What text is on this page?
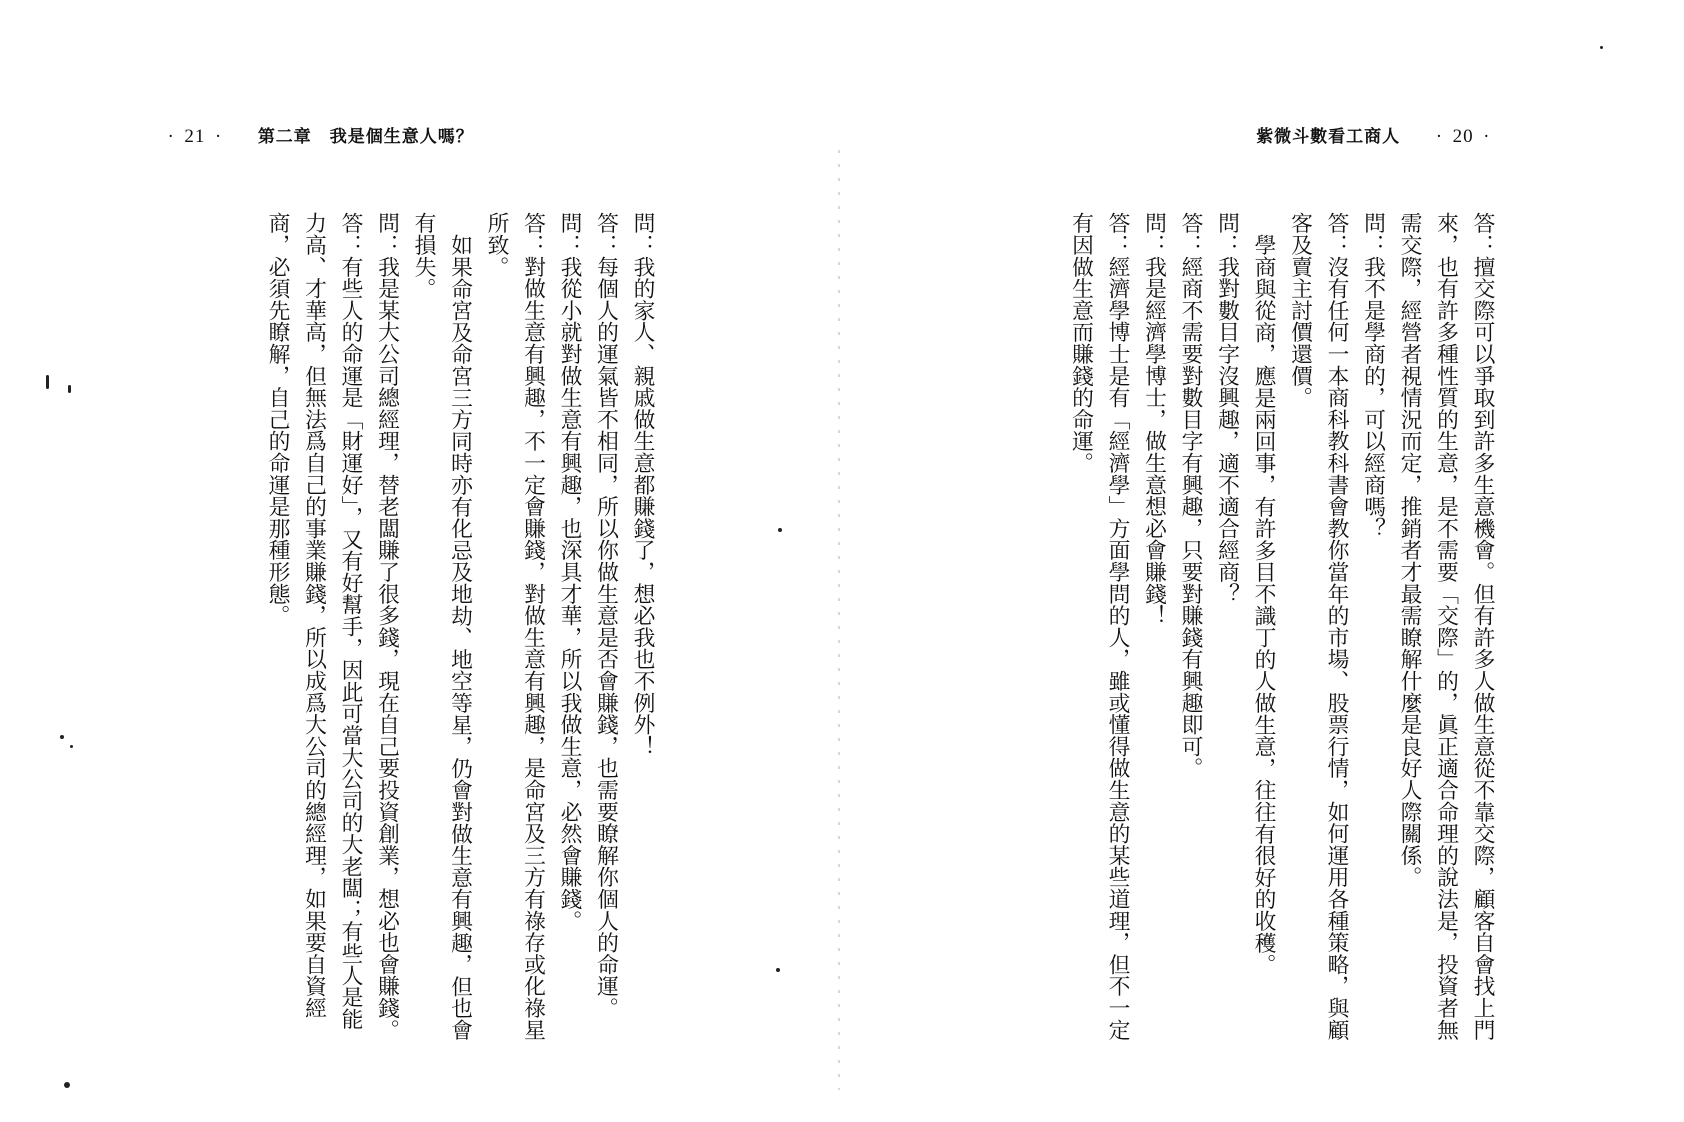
· 21 · 第二章　我是個生意人嗎？

問：我的家人、親戚做生意都賺錢了，想必我也不例外！

答：每個人的運氣皆不相同，所以你做生意是否會賺錢，也需要瞭解你個人的命運。

問：我從小就對做生意有興趣，也深具才華，所以我做生意，必然會賺錢。

答：對做生意有興趣，不一定會賺錢，對做生意有興趣，是命宮及三方有祿存或化祿星所致。

如果命宮及命宮三方同時亦有化忌及地劫、地空等星，仍會對做生意有興趣，但也會有損失。

問：我是某大公司總經理，替老闆賺了很多錢，現在自己要投資創業，想必也會賺錢。

答：有些人的命運是「財運好」，又有好幫手，因此可當大公司的大老闆；有些人是能力高、才華高，但無法爲自己的事業賺錢，所以成爲大公司的總經理，如果要自資經商，必須先瞭解，自己的命運是那種形態。

紫微斗數看工商人 · 20 ·

答：擅交際可以爭取到許多生意機會。但有許多人做生意從不靠交際，顧客自會找上門來，也有許多種性質的生意，是不需要「交際」的，眞正適合命理的說法是，投資者無需交際，經營者視情況而定，推銷者才最需瞭解什麼是良好人際關係。

問：我不是學商的，可以經商嗎？

答：沒有任何一本商科教科書會教你當年的市場、股票行情，如何運用各種策略，與顧客及賣主討價還價。

學商與從商，應是兩回事，有許多目不識丁的人做生意，往往有很好的收穫。

問：我對數目字沒興趣，適不適合經商？

答：經商不需要對數目字有興趣，只要對賺錢有興趣即可。

問：我是經濟學博士，做生意想必會賺錢！

答：經濟學博士是有「經濟學」方面學問的人，雖或懂得做生意的某些道理，但不一定有因做生意而賺錢的命運。
